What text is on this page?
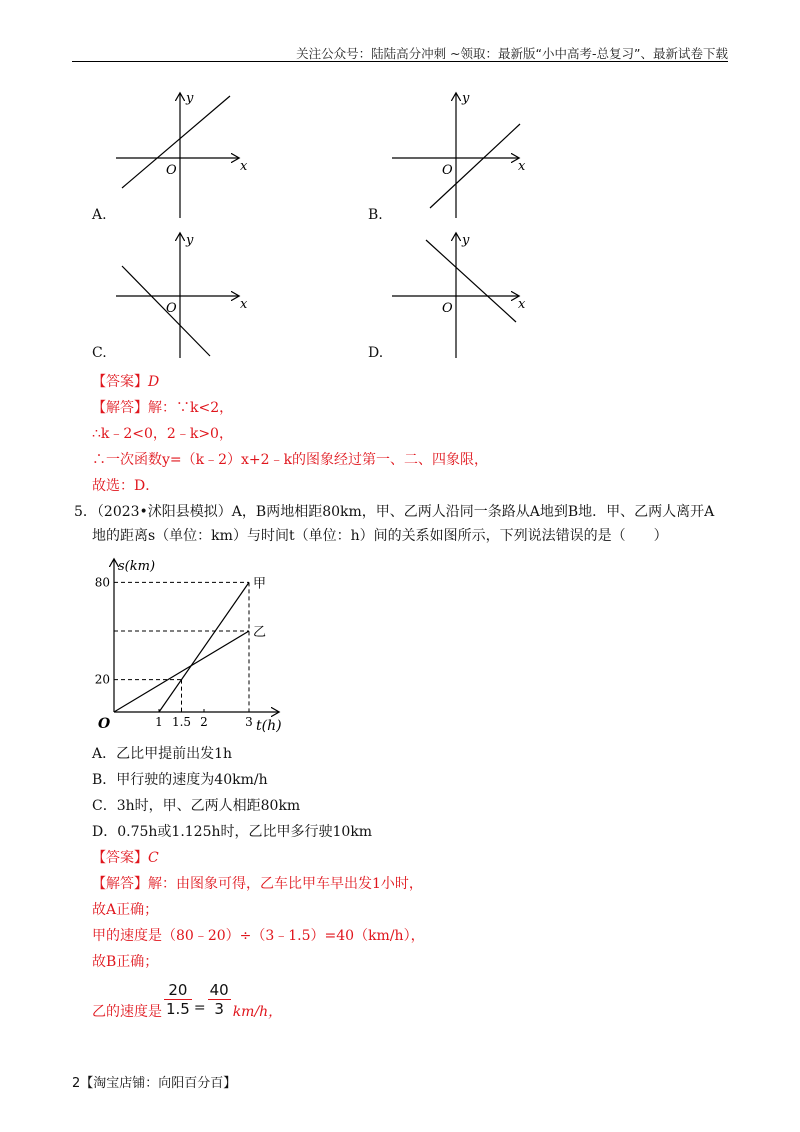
关注公众号：陆陆高分冲刺 ~领取：最新版“小中高考-总复习”、最新试卷下载
x
y
O
A.
x
y
O
B.
x
y
O
C.
x
y
O
D.
【答案】D
【解答】解：∵k<2，
∴k﹣2<0，2﹣k>0，
∴一次函数y=（k﹣2）x+2﹣k的图象经过第一、二、四象限，
故选：D．
5．（2023•沭阳县模拟）A，B两地相距80km，甲、乙两人沿同一条路从A地到B地．甲、乙两人离开A
地的距离s（单位：km）与时间t（单位：h）间的关系如图所示，下列说法错误的是（　　）
s(km)
t(h)
O
甲
乙
1 1.5 2	3
20
80
A．乙比甲提前出发1h
B．甲行驶的速度为40km/h
C．3h时，甲、乙两人相距80km
D．0.75h或1.125h时，乙比甲多行驶10km
【答案】C
【解答】解：由图象可得，乙车比甲车早出发1小时，
故A正确；
甲的速度是（80﹣20）÷（3﹣1.5）=40（km/h），
故B正确；
乙的速度是 $\frac{20}{1.5} = \frac{40}{3} km/h$，
2【淘宝店铺：向阳百分百】
